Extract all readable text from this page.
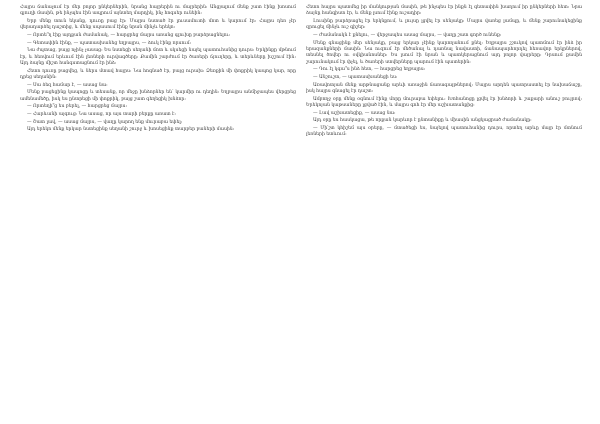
Հայրս ճանաչում էր մեր բոլոր ընկերներին, նրանց հայրերին ու մայրերին: Անցյալում մենք շատ էինք խոսում գյուղի մասին, թե ինչպես էին ապրում այնտեղ մարդիկ, ինչ հոգսեր ունեին:

Երբ մենք տուն եկանք, դուռը բաց էր: Մայրս նստած էր լուսամուտի մոտ և կարում էր: Հայրս դեռ չէր վերադարձել դաշտից, և մենք սպասում էինք նրան մինչև երեկո:

— Որտե՞ղ էիք այդքան ժամանակ, — հարցրեց մայրս առանց գլուխը բարձրացնելու:

— Գետափին էինք, — պատասխանեց եղբայրս, — ձուկ էինք որսում:

Նա ժպտաց, բայց ոչինչ չասաց: Ես նստեցի սեղանի մոտ և սկսեցի նայել պատուհանից դուրս: Երկինքը մթնում էր, և հեռվում երևում էին լեռների ուրվագծերը: Քամին շարժում էր ծառերի ճյուղերը, և տերևները խշշում էին: Այդ ձայնը միշտ հանգստացնում էր ինձ:

Հետո դուռը բացվեց, և ներս մտավ հայրս: Նա հոգնած էր, բայց ուրախ: Ձեռքին մի փոքրիկ կապոց կար, որը դրեց սեղանին:

— Սա ձեզ համար է, — ասաց նա:

Մենք բացեցինք կապոցը և տեսանք, որ մեջը խնձորներ են՝ կարմիր ու դեղին: Եղբայրս անմիջապես վերցրեց ամենամեծը, իսկ ես ընտրեցի մի փոքրիկ, բայց շատ գեղեցիկ խնձոր:

— Որտեղի՞ց ես բերել, — հարցրեց մայրս:

— Հարևանի այգուց: Նա ասաց, որ այս տարի բերքը առատ է:

— Շատ լավ, — ասաց մայրս, — վաղը կարող ենք մուրաբա եփել:

Այդ երեկո մենք երկար նստեցինք սեղանի շուրջ և խոսեցինք տարբեր բաների մասին:

Հետո հայրս պատմեց իր մանկության մասին, թե ինչպես էր ինքն էլ գետափին խաղում իր ընկերների հետ: Նրա ձայնը հանգիստ էր, և մենք լսում էինք ուշադիր:

Լուսինը բարձրացել էր երկնքում, և լույսը լցվել էր սենյակը: Մայրս վառեց լամպը, և մենք շարունակեցինք զրուցել մինչև ուշ գիշեր:

— Ժամանակն է քնելու, — վերջապես ասաց մայրս, — վաղը շատ գործ ունենք:

Մենք գնացինք մեր սենյակը, բայց երկար չէինք կարողանում քնել: Եղբայրս շշուկով պատմում էր ինձ իր երազանքների մասին: Նա ուզում էր մեծանալ և դառնալ նավաստի, ճանապարհորդել հեռավոր երկրներով, տեսնել ծովեր ու օվկիանոսներ: Ես լսում էի նրան և պատկերացնում այդ բոլոր վայրերը: Դրսում քամին շարունակում էր փչել, և ծառերի ստվերները պարում էին պատերին:

— Դու էլ կգա՞ս ինձ հետ, — հարցրեց եղբայրս:

— Անշուշտ, — պատասխանեցի ես:

Առավոտյան մենք արթնացանք արևի առաջին ճառագայթներով: Մայրս արդեն պատրաստել էր նախաճաշը, իսկ հայրս գնացել էր դաշտ:

Ամբողջ օրը մենք օգնում էինք մորը մուրաբա եփելու: Խոհանոցը լցվել էր խնձորի և շաքարի անուշ բույրով: Երեկոյան կաթսաները լցված էին, և մայրս գոհ էր մեր աշխատանքից:

— Լավ աշխատեցիք, — ասաց նա:

Այդ օրը ես հասկացա, թե որքան կարևոր է ընտանիքը և միասին անցկացրած ժամանակը:

— Մի՛շտ կհիշեմ այս օրերը, — մտածեցի ես, նայելով պատուհանից դուրս, որտեղ արևը մայր էր մտնում լեռների ետևում:
